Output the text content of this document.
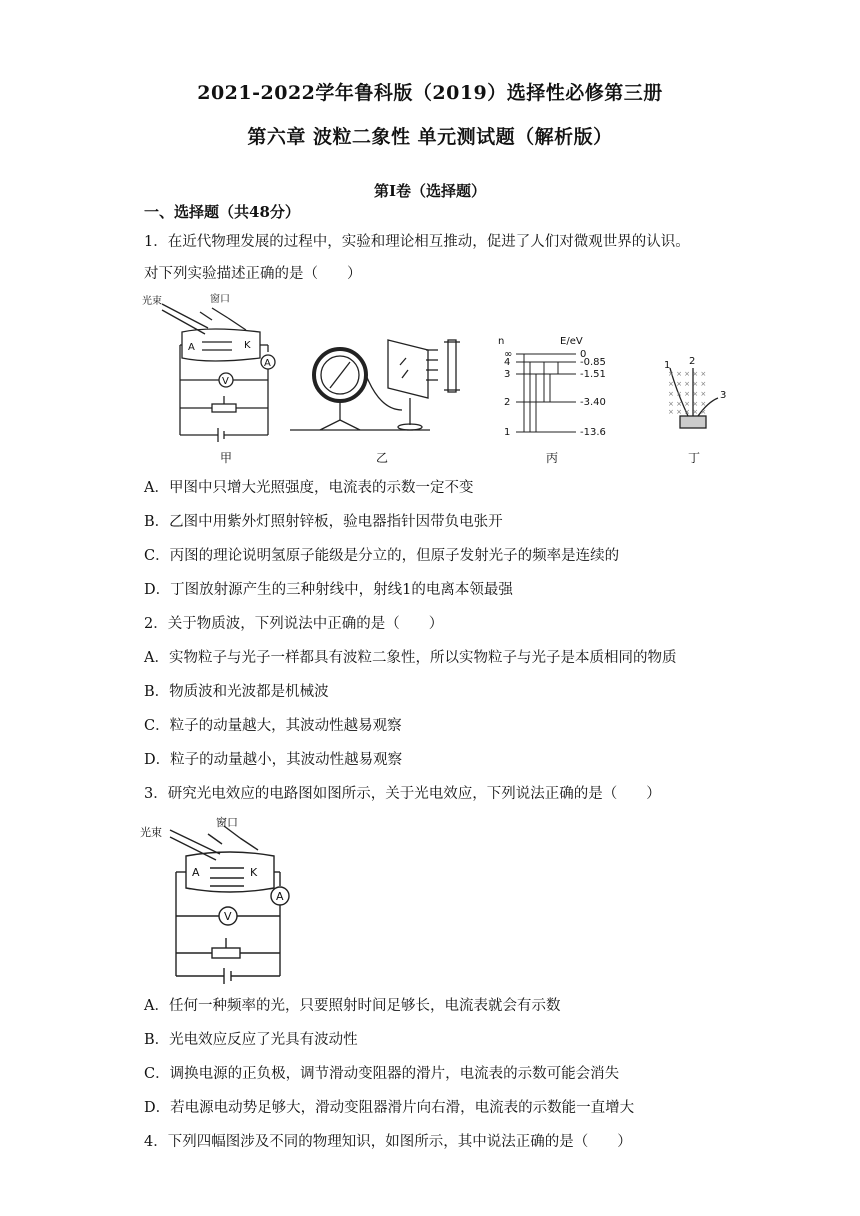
2021-2022学年鲁科版（2019）选择性必修第三册
第六章 波粒二象性 单元测试题（解析版）
第Ⅰ卷（选择题）
一、选择题（共48分）
1．在近代物理发展的过程中，实验和理论相互推动，促进了人们对微观世界的认识。
对下列实验描述正确的是（　　）
× × × × ×
× × × × ×
× × × × ×
× × × × ×
× × × × ×
光束	窗口
A	K
A
V
n	E/eV
∞
4
3
2
1
0
-0.85
-1.51
-3.40
-13.6
1 2
3
甲	乙	丙	丁
A．甲图中只增大光照强度，电流表的示数一定不变
B．乙图中用紫外灯照射锌板，验电器指针因带负电张开
C．丙图的理论说明氢原子能级是分立的，但原子发射光子的频率是连续的
D．丁图放射源产生的三种射线中，射线1的电离本领最强
2．关于物质波，下列说法中正确的是（　　）
A．实物粒子与光子一样都具有波粒二象性，所以实物粒子与光子是本质相同的物质
B．物质波和光波都是机械波
C．粒子的动量越大，其波动性越易观察
D．粒子的动量越小，其波动性越易观察
3．研究光电效应的电路图如图所示，关于光电效应，下列说法正确的是（　　）
光束
窗口
A	K
A
V
A．任何一种频率的光，只要照射时间足够长，电流表就会有示数
B．光电效应反应了光具有波动性
C．调换电源的正负极，调节滑动变阻器的滑片，电流表的示数可能会消失
D．若电源电动势足够大，滑动变阻器滑片向右滑，电流表的示数能一直增大
4．下列四幅图涉及不同的物理知识，如图所示，其中说法正确的是（　　）
